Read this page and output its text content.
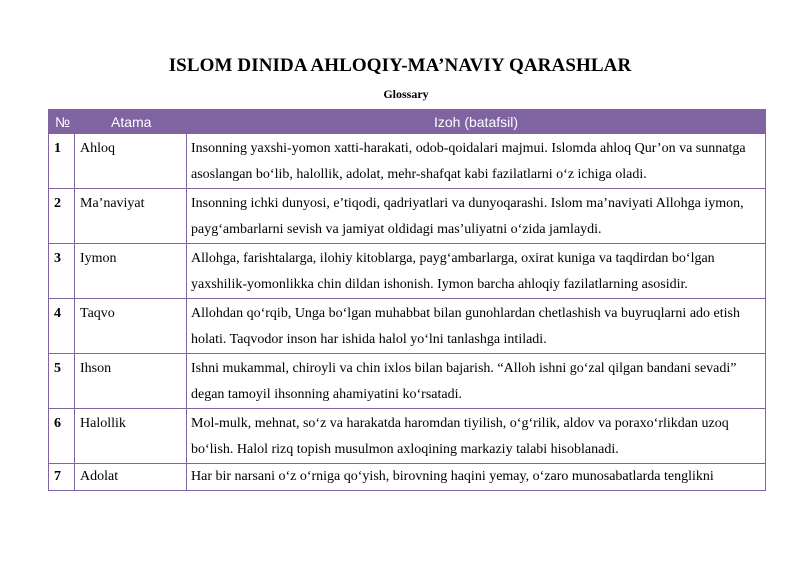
ISLOM DINIDA AHLOQIY-MA’NAVIY QARASHLAR
Glossary
№	Atama	Izoh (batafsil)
1	Ahloq	Insonning yaxshi-yomon xatti-harakati, odob-qoidalari majmui. Islomda ahloq Qur’on va sunnatga asoslangan bo‘lib, halollik, adolat, mehr-shafqat kabi fazilatlarni o‘z ichiga oladi.
2	Ma’naviyat	Insonning ichki dunyosi, e’tiqodi, qadriyatlari va dunyoqarashi. Islom ma’naviyati Allohga iymon, payg‘ambarlarni sevish va jamiyat oldidagi mas’uliyatni o‘zida jamlaydi.
3	Iymon	Allohga, farishtalarga, ilohiy kitoblarga, payg‘ambarlarga, oxirat kuniga va taqdirdan bo‘lgan yaxshilik-yomonlikka chin dildan ishonish. Iymon barcha ahloqiy fazilatlarning asosidir.
4	Taqvo	Allohdan qo‘rqib, Unga bo‘lgan muhabbat bilan gunohlardan chetlashish va buyruqlarni ado etish holati. Taqvodor inson har ishida halol yo‘lni tanlashga intiladi.
5	Ihson	Ishni mukammal, chiroyli va chin ixlos bilan bajarish. “Alloh ishni go‘zal qilgan bandani sevadi” degan tamoyil ihsonning ahamiyatini ko‘rsatadi.
6	Halollik	Mol-mulk, mehnat, so‘z va harakatda haromdan tiyilish, o‘g‘rilik, aldov va poraxo‘rlikdan uzoq bo‘lish. Halol rizq topish musulmon axloqining markaziy talabi hisoblanadi.
7	Adolat	Har bir narsani o‘z o‘rniga qo‘yish, birovning haqini yemay, o‘zaro munosabatlarda tenglikni
